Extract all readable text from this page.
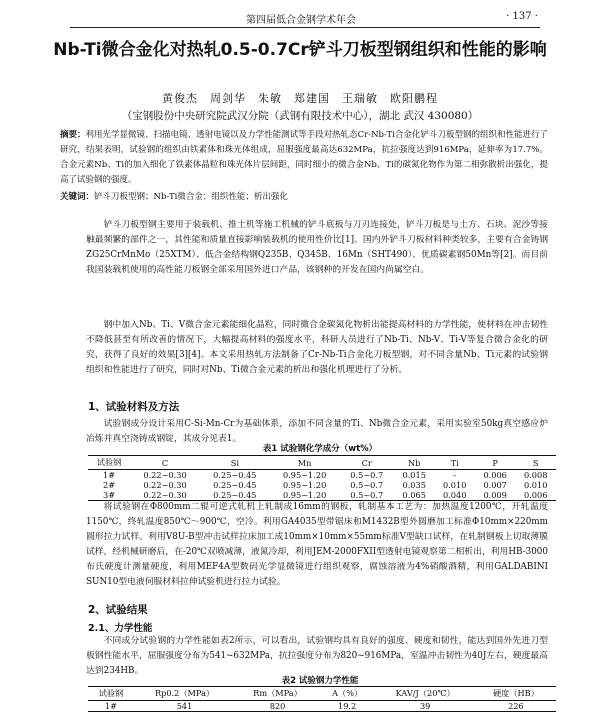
第四届低合金钢学术年会	· 137 ·
Nb-Ti微合金化对热轧0.5-0.7Cr铲斗刀板型钢组织和性能的影响
黄俊杰　周剑华　朱敏　郑建国　王瑞敏　欧阳鹏程
（宝钢股份中央研究院武汉分院（武钢有限技术中心），湖北 武汉 430080）
摘要：利用光学显微镜、扫描电镜、透射电镜以及力学性能测试等手段对热轧态Cr-Nb-Ti合金化铲斗刀板型钢的组织和性能进行了研究，结果表明，试验钢的组织由铁素体和珠光体组成，屈服强度最高达632MPa，抗拉强度达到916MPa，延伸率为17.7%。合金元素Nb、Ti的加入细化了铁素体晶粒和珠光体片层间距，同时细小的微合金Nb、Ti的碳氮化物作为第二相弥散析出强化，提高了试验钢的强度。
关键词：铲斗刀板型钢；Nb-Ti微合金；组织性能；析出强化
铲斗刀板型钢主要用于装载机、推土机等施工机械的铲斗底板与刀刃连接处，铲斗刀板是与土方、石块、泥沙等接触最频繁的部件之一，其性能和质量直接影响装载机的使用性价比[1]。国内外铲斗刀板材料种类较多，主要有合金铸钢ZG25CrMnMo（25XTM）、低合金结构钢Q235B、Q345B、16Mn（SHT490）、优质碳素钢50Mn等[2]。而目前我国装载机使用的高性能刀板钢全部采用国外进口产品，该钢种的开发在国内尚属空白。
钢中加入Nb、Ti、V微合金元素能细化晶粒，同时微合金碳氮化物析出能提高材料的力学性能，使材料在冲击韧性不降低甚至有所改善的情况下，大幅提高材料的强度水平，科研人员进行了Nb-Ti、Nb-V、Ti-V等复合微合金化的研究，获得了良好的效果[3][4]。本文采用热轧方法制备了Cr-Nb-Ti合金化刀板型钢，对不同含量Nb、Ti元素的试验钢组织和性能进行了研究，同时对Nb、Ti微合金元素的析出和强化机理进行了分析。
1、试验材料及方法
试验钢成分设计采用C-Si-Mn-Cr为基础体系，添加不同含量的Ti、Nb微合金元素，采用实验室50kg真空感应炉冶炼并真空浇铸成钢锭，其成分见表1。
表1 试验钢化学成分（wt%）
试验钢	C	Si	Mn	Cr	Nb	Ti	P	S
1#	0.22~0.30	0.25~0.45	0.95~1.20	0.5~0.7	0.015	-	0.006	0.008
2#	0.22~0.30	0.25~0.45	0.95~1.20	0.5~0.7	0.035	0.010	0.007	0.010
3#	0.22~0.30	0.25~0.45	0.95~1.20	0.5~0.7	0.065	0.040	0.009	0.006
将试验钢在Φ800mm二辊可逆式轧机上轧制成16mm的钢板，轧制基本工艺为：加热温度1200℃，开轧温度1150℃，终轧温度850℃～900℃，空冷。利用GA4035型带锯床和M1432B型外圆磨加工标准Φ10mm×220mm圆形拉力试样。利用V8U-B型冲击试样拉床加工成10mm×10mm×55mm标准V型缺口试样，在轧制钢板上切取薄膜试样，经机械研磨后，在-20℃双喷减薄，液氮冷却，利用JEM-2000FXII型透射电镜观察第二相析出，利用HB-3000布氏硬度计测量硬度，利用MEF4A型数码光学显微镜进行组织观察，腐蚀溶液为4%硝酸酒精，利用GALDABINI SUN10型电液伺服材料拉伸试验机进行拉力试验。
2、试验结果
2.1、力学性能
不同成分试验钢的力学性能如表2所示，可以看出，试验钢均具有良好的强度、硬度和韧性，能达到国外先进刀型板钢性能水平，屈服强度分布为541~632MPa，抗拉强度分布为820~916MPa，室温冲击韧性为40J左右，硬度最高达到234HB。
表2 试验钢力学性能
试验钢	Rp0.2（MPa）	Rm（MPa）	A（%）	KAV/J（20℃）	硬度（HB）
1#	541	820	19.2	39	226
